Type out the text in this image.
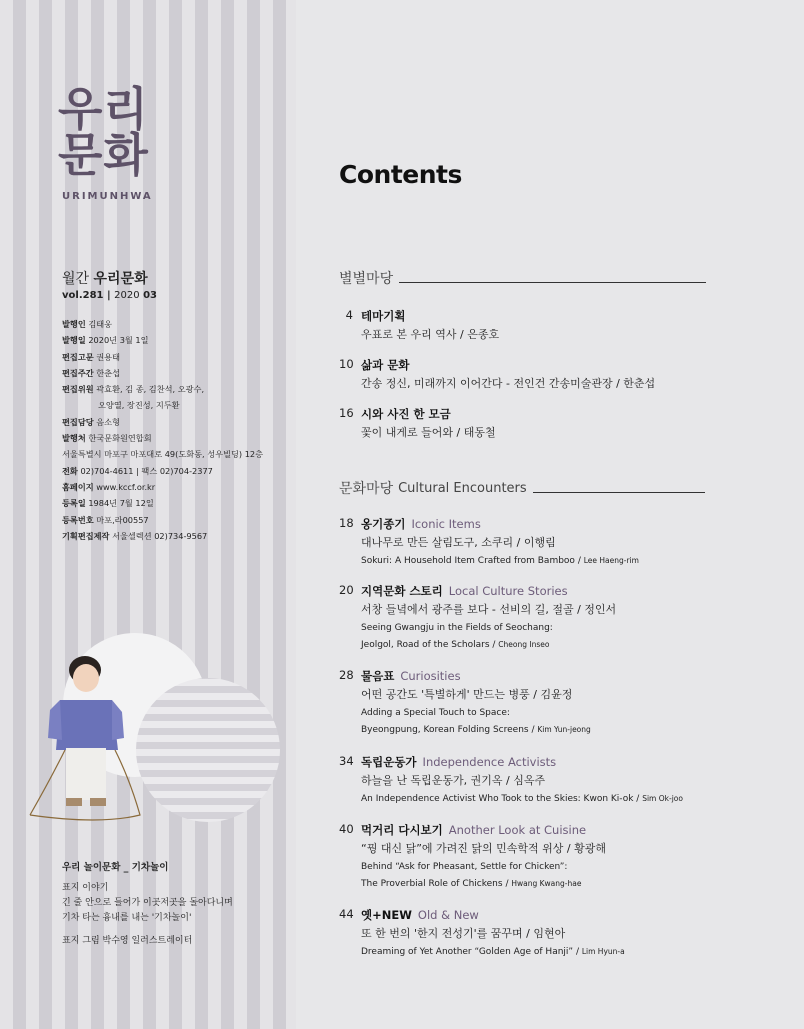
우리
문화
URIMUNHWA
월간 우리문화
vol.281 | 2020 03
발행인 김태웅
발행일 2020년 3월 1일
편집고문 권용태
편집주간 한춘섭
편집위원 곽효환, 김 종, 김찬석, 오광수,
오양열, 장진성, 지두환
편집담당 음소형
발행처 한국문화원연합회
서울특별시 마포구 마포대로 49(도화동, 성우빌딩) 12층
전화 02)704-4611 | 팩스 02)704-2377
홈페이지 www.kccf.or.kr
등록일 1984년 7월 12일
등록번호 마포,라00557
기획편집제작 서울셀렉션 02)734-9567
우리 놀이문화 _ 기차놀이
표지 이야기
긴 줄 안으로 들어가 이곳저곳을 돌아다니며
기차 타는 흉내를 내는 '기차놀이'
표지 그림 박수영 일러스트레이터
Contents
별별마당
문화마당 Cultural Encounters
4 테마기획
우표로 본 우리 역사 / 은종호
10 삶과 문화
간송 정신, 미래까지 이어간다 - 전인건 간송미술관장 / 한춘섭
16 시와 사진 한 모금
꽃이 내게로 들어와 / 태동철
18 옹기종기 Iconic Items
대나무로 만든 살림도구, 소쿠리 / 이행림
Sokuri: A Household Item Crafted from Bamboo / Lee Haeng-rim
20 지역문화 스토리 Local Culture Stories
서창 들녘에서 광주를 보다 - 선비의 길, 절골 / 정인서
Seeing Gwangju in the Fields of Seochang:
Jeolgol, Road of the Scholars / Cheong Inseo
28 물음표 Curiosities
어떤 공간도 '특별하게' 만드는 병풍 / 김윤정
Adding a Special Touch to Space:
Byeongpung, Korean Folding Screens / Kim Yun-jeong
34 독립운동가 Independence Activists
하늘을 난 독립운동가, 권기옥 / 심옥주
An Independence Activist Who Took to the Skies: Kwon Ki-ok / Sim Ok-joo
40 먹거리 다시보기 Another Look at Cuisine
“꿩 대신 닭”에 가려진 닭의 민속학적 위상 / 황광해
Behind “Ask for Pheasant, Settle for Chicken”:
The Proverbial Role of Chickens / Hwang Kwang-hae
44 옛+NEW Old & New
또 한 번의 '한지 전성기'를 꿈꾸며 / 임현아
Dreaming of Yet Another “Golden Age of Hanji” / Lim Hyun-a
